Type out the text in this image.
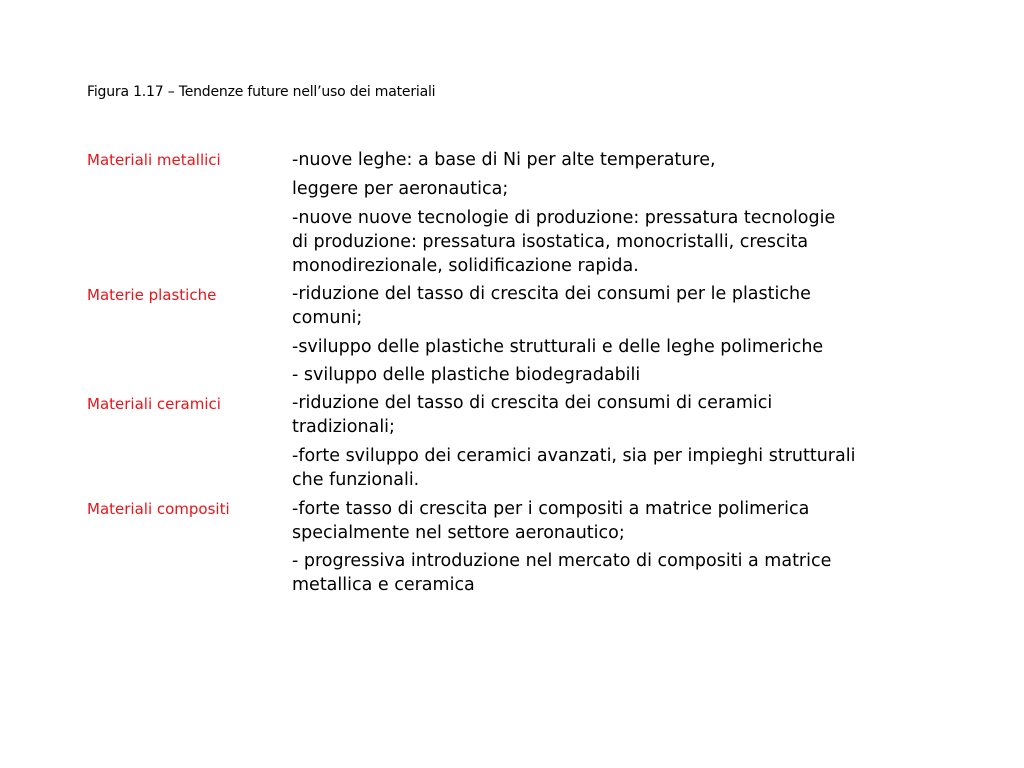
Figura 1.17 – Tendenze future nell’uso dei materiali
Materiali metallici	-nuove leghe: a base di Ni per alte temperature,
leggere per aeronautica;
-nuove nuove tecnologie di produzione: pressatura tecnologie
di produzione: pressatura isostatica, monocristalli, crescita
monodirezionale, solidificazione rapida.
Materie plastiche	-riduzione del tasso di crescita dei consumi per le plastiche
comuni;
-sviluppo delle plastiche strutturali e delle leghe polimeriche
- sviluppo delle plastiche biodegradabili
Materiali ceramici	-riduzione del tasso di crescita dei consumi di ceramici
tradizionali;
-forte sviluppo dei ceramici avanzati, sia per impieghi strutturali
che funzionali.
Materiali compositi	-forte tasso di crescita per i compositi a matrice polimerica
specialmente nel settore aeronautico;
- progressiva introduzione nel mercato di compositi a matrice
metallica e ceramica
